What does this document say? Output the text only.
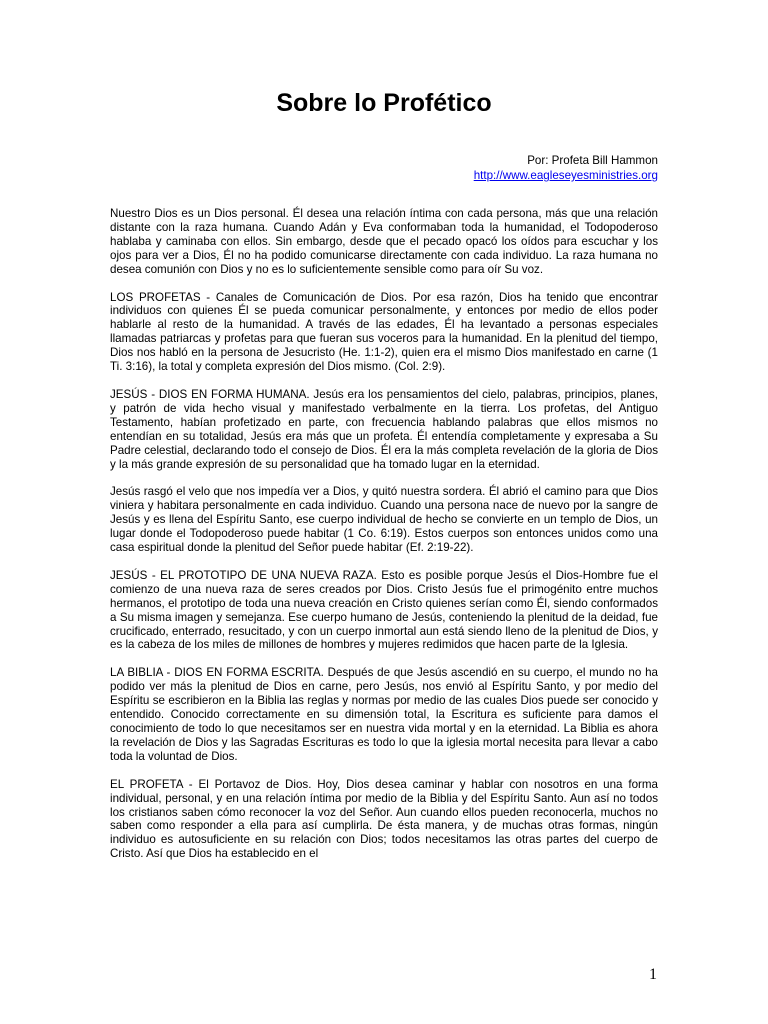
Sobre lo Profético
Por: Profeta Bill Hammon
http://www.eagleseyesministries.org

Nuestro Dios es un Dios personal. Él desea una relación íntima con cada persona, más que una relación distante con la raza humana. Cuando Adán y Eva conformaban toda la humanidad, el Todopoderoso hablaba y caminaba con ellos. Sin embargo, desde que el pecado opacó los oídos para escuchar y los ojos para ver a Dios, Él no ha podido comunicarse directamente con cada individuo. La raza humana no desea comunión con Dios y no es lo suficientemente sensible como para oír Su voz.

LOS PROFETAS - Canales de Comunicación de Dios. Por esa razón, Dios ha tenido que encontrar individuos con quienes Él se pueda comunicar personalmente, y entonces por medio de ellos poder hablarle al resto de la humanidad. A través de las edades, Él ha levantado a personas especiales llamadas patriarcas y profetas para que fueran sus voceros para la humanidad. En la plenitud del tiempo, Dios nos habló en la persona de Jesucristo (He. 1:1-2), quien era el mismo Dios manifestado en carne (1 Ti. 3:16), la total y completa expresión del Dios mismo. (Col. 2:9).

JESÚS - DIOS EN FORMA HUMANA. Jesús era los pensamientos del cielo, palabras, principios, planes, y patrón de vida hecho visual y manifestado verbalmente en la tierra. Los profetas, del Antiguo Testamento, habían profetizado en parte, con frecuencia hablando palabras que ellos mismos no entendían en su totalidad, Jesús era más que un profeta. Él entendía completamente y expresaba a Su Padre celestial, declarando todo el consejo de Dios. Él era la más completa revelación de la gloria de Dios y la más grande expresión de su personalidad que ha tomado lugar en la eternidad.

Jesús rasgó el velo que nos impedía ver a Dios, y quitó nuestra sordera. Él abrió el camino para que Dios viniera y habitara personalmente en cada individuo. Cuando una persona nace de nuevo por la sangre de Jesús y es llena del Espíritu Santo, ese cuerpo individual de hecho se convierte en un templo de Dios, un lugar donde el Todopoderoso puede habitar (1 Co. 6:19). Estos cuerpos son entonces unidos como una casa espiritual donde la plenitud del Señor puede habitar (Ef. 2:19-22).

JESÚS - EL PROTOTIPO DE UNA NUEVA RAZA. Esto es posible porque Jesús el Dios-Hombre fue el comienzo de una nueva raza de seres creados por Dios. Cristo Jesús fue el primogénito entre muchos hermanos, el prototipo de toda una nueva creación en Cristo quienes serían como Él, siendo conformados a Su misma imagen y semejanza. Ese cuerpo humano de Jesús, conteniendo la plenitud de la deidad, fue crucificado, enterrado, resucitado, y con un cuerpo inmortal aun está siendo lleno de la plenitud de Dios, y es la cabeza de los miles de millones de hombres y mujeres redimidos que hacen parte de la Iglesia.

LA BIBLIA - DIOS EN FORMA ESCRITA. Después de que Jesús ascendió en su cuerpo, el mundo no ha podido ver más la plenitud de Dios en carne, pero Jesús, nos envió al Espíritu Santo, y por medio del Espíritu se escribieron en la Biblia las reglas y normas por medio de las cuales Dios puede ser conocido y entendido. Conocido correctamente en su dimensión total, la Escritura es suficiente para damos el conocimiento de todo lo que necesitamos ser en nuestra vida mortal y en la eternidad. La Biblia es ahora la revelación de Dios y las Sagradas Escrituras es todo lo que la iglesia mortal necesita para llevar a cabo toda la voluntad de Dios.

EL PROFETA - El Portavoz de Dios. Hoy, Dios desea caminar y hablar con nosotros en una forma individual, personal, y en una relación íntima por medio de la Biblia y del Espíritu Santo. Aun así no todos los cristianos saben cómo reconocer la voz del Señor. Aun cuando ellos pueden reconocerla, muchos no saben como responder a ella para así cumplirla. De ésta manera, y de muchas otras formas, ningún individuo es autosuficiente en su relación con Dios; todos necesitamos las otras partes del cuerpo de Cristo. Así que Dios ha establecido en el

1
